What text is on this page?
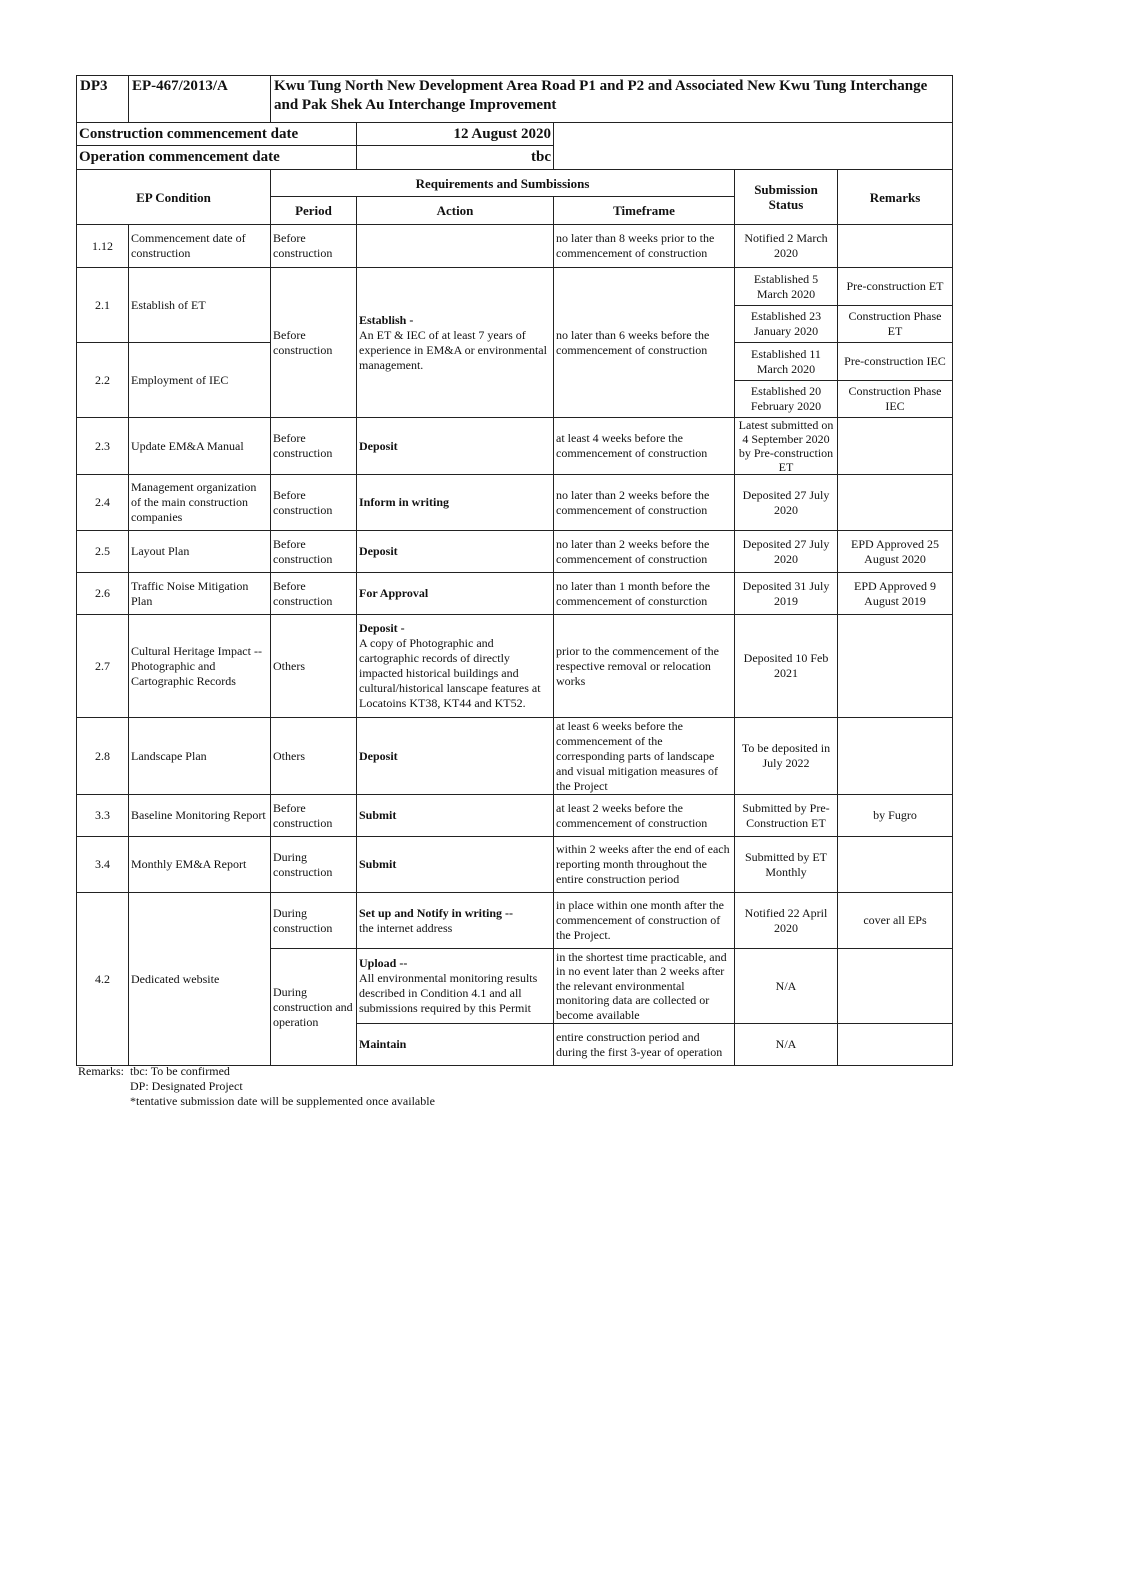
DP3	EP-467/2013/A	Kwu Tung North New Development Area Road P1 and P2 and Associated New Kwu Tung Interchange and Pak Shek Au Interchange Improvement
Construction commencement date	12 August 2020	
Operation commencement date	tbc	
EP Condition		Requirements and Sumbissions			Submission Status	Remarks
		Period	Action	Timeframe		
1.12	Commencement date of construction	Before construction		no later than 8 weeks prior to the commencement of construction	Notified 2 March 2020	
2.1	Establish of ET	Before construction	Establish -
An ET & IEC of at least 7 years of experience in EM&A or environmental management.	no later than 6 weeks before the commencement of construction	Established 5 March 2020	Pre-construction ET
					Established 23 January 2020	Construction Phase ET
2.2	Employment of IEC				Established 11 March 2020	Pre-construction IEC
					Established 20 February 2020	Construction Phase IEC
2.3	Update EM&A Manual	Before construction	Deposit	at least 4 weeks before the commencement of construction	Latest submitted on 4 September 2020 by Pre-construction ET	
2.4	Management organization of the main construction companies	Before construction	Inform in writing	no later than 2 weeks before the commencement of construction	Deposited 27 July 2020	
2.5	Layout Plan	Before construction	Deposit	no later than 2 weeks before the commencement of construction	Deposited 27 July 2020	EPD Approved 25 August 2020
2.6	Traffic Noise Mitigation Plan	Before construction	For Approval	no later than 1 month before the commencement of consturction	Deposited 31 July 2019	EPD Approved 9 August 2019
2.7	Cultural Heritage Impact -- Photographic and Cartographic Records	Others	Deposit -
A copy of Photographic and cartographic records of directly impacted historical buildings and cultural/historical lanscape features at Locatoins KT38, KT44 and KT52.	prior to the commencement of the respective removal or relocation works	Deposited 10 Feb 2021	
2.8	Landscape Plan	Others	Deposit	at least 6 weeks before the commencement of the corresponding parts of landscape and visual mitigation measures of the Project	To be deposited in July 2022	
3.3	Baseline Monitoring Report	Before construction	Submit	at least 2 weeks before the commencement of construction	Submitted by Pre-Construction ET	by Fugro
3.4	Monthly EM&A Report	During construction	Submit	within 2 weeks after the end of each reporting month throughout the entire construction period	Submitted by ET Monthly	
4.2	Dedicated website	During construction	Set up and Notify in writing --
the internet address	in place within one month after the commencement of construction of the Project.	Notified 22 April 2020	cover all EPs
		During construction and operation	Upload --
All environmental monitoring results described in Condition 4.1 and all submissions required by this Permit	in the shortest time practicable, and in no event later than 2 weeks after the relevant environmental monitoring data are collected or become available	N/A	
			Maintain	entire construction period and during the first 3-year of operation	N/A	
Remarks: tbc: To be confirmed
DP: Designated Project
*tentative submission date will be supplemented once available
